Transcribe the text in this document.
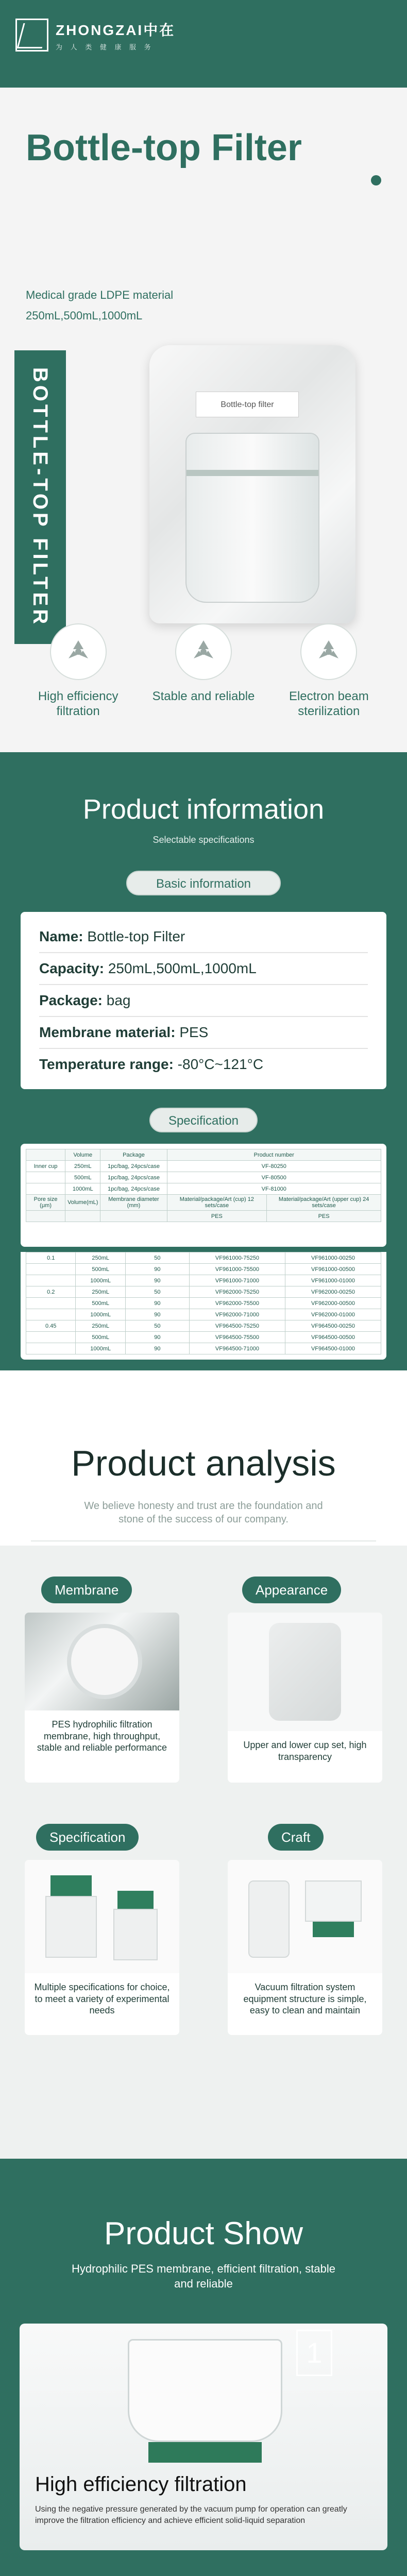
ZHONGZAI中在
为 人 类 健 康 服 务
Bottle-top Filter
Medical grade LDPE material
250mL,500mL,1000mL
BOTTLE-TOP FILTER	Bottle-top filter
High efficiency filtration
Stable and reliable	Electron beam sterilization
Product information
Selectable specifications
Basic information
Name: Bottle-top Filter
Capacity: 250mL,500mL,1000mL
Package: bag
Membrane material: PES
Temperature range: -80°C~121°C
Specification
	Volume	Package	Product number	
Inner cup	250mL	1pc/bag, 24pcs/case	VF-80250	
	500mL	1pc/bag, 24pcs/case	VF-80500	
	1000mL	1pc/bag, 24pcs/case	VF-81000	
Pore size (μm)	Volume(mL)	Membrane diameter (mm)	Material/package/Art (cup) 12 sets/case	Material/package/Art (upper cup) 24 sets/case
			PES	PES
0.1	250mL	50	VF961000-75250	VF961000-00250
	500mL	90	VF961000-75500	VF961000-00500
	1000mL	90	VF961000-71000	VF961000-01000
0.2	250mL	50	VF962000-75250	VF962000-00250
	500mL	90	VF962000-75500	VF962000-00500
	1000mL	90	VF962000-71000	VF962000-01000
0.45	250mL	50	VF964500-75250	VF964500-00250
	500mL	90	VF964500-75500	VF964500-00500
	1000mL	90	VF964500-71000	VF964500-01000
Product analysis
We believe honesty and trust are the foundation and stone of the success of our company.
Membrane
PES hydrophilic filtration membrane, high throughput, stable and reliable performance
Appearance
Upper and lower cup set, high transparency
Specification
Multiple specifications for choice, to meet a variety of experimental needs
Craft
Vacuum filtration system equipment structure is simple, easy to clean and maintain
Product Show
Hydrophilic PES membrane, efficient filtration, stable and reliable
High efficiency filtration
Using the negative pressure generated by the vacuum pump for operation can greatly improve the filtration efficiency and achieve efficient solid-liquid separation
1
